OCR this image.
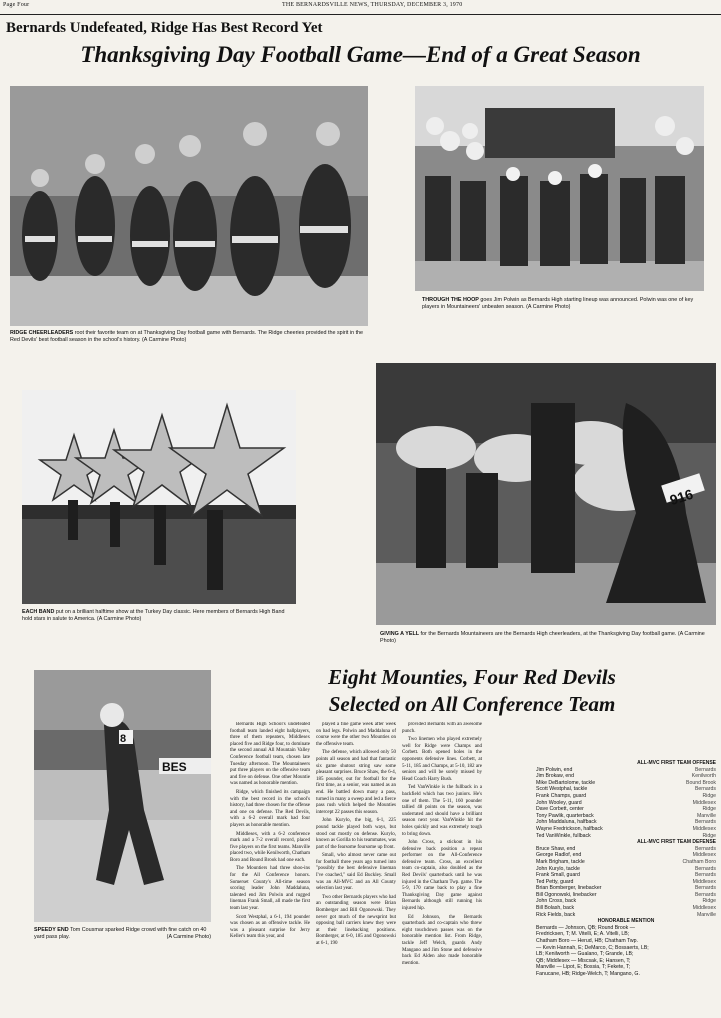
Page Four	THE BERNARDSVILLE NEWS, THURSDAY, DECEMBER 3, 1970
Bernards Undefeated, Ridge Has Best Record Yet
Thanksgiving Day Football Game—End of a Great Season
RIDGE CHEERLEADERS root their favorite team on at Thanksgiving Day football game with Bernards. The Ridge cheeries provided the spirit in the Red Devils' best football season in the school's history. (A Carmine Photo)
THROUGH THE HOOP goes Jim Polwin as Bernards High starting lineup was announced. Polwin was one of key players in Mountaineers' unbeaten season. (A Carmine Photo)
EACH BAND put on a brilliant halftime show at the Turkey Day classic. Here members of Bernards High Band hold stars in salute to America. (A Carmine Photo)
916
GIVING A YELL for the Bernards Mountaineers are the Bernards High cheerleaders, at the Thanksgiving Day football game. (A Carmine Photo)
BES
8
SPEEDY END Tom Cousmar sparked Ridge crowd with fine catch on 40 yard pass play.	(A Carmine Photo)
Eight Mounties, Four Red Devils
Selected on All Conference Team

Bernards High School's undefeated football team landed eight ballplayers, three of them repeaters, Middlesex placed five and Ridge four, to dominate the second annual All Mountain Valley Conference football team, chosen late Tuesday afternoon. The Mountaineers put three players on the offensive team and five on defense. One other Mountie was named as honorable mention.

Ridge, which finished its campaign with the best record in the school's history, had three chosen for the offense and one on defense. The Red Devils, with a 6-2 overall mark had four players as honorable mention.

Middlesex, with a 6-2 conference mark and a 7-2 overall record, placed five players on the first teams. Manville placed two, while Kenilworth, Chatham Boro and Bound Brook had one each.

The Mountiers had three shoo-ins for the All Conference honors. Somerset County's All-time season scoring leader John Maddaluna, talented end Jim Polwin and rugged lineman Frank Small, all made the first team last year.

Scott Westphal, a 6-1, 194 pounder was chosen as an offensive tackle. He was a pleasant surprise for Jerry Keller's team this year, and

played a fine game week after week on bad legs. Polwin and Maddaluna of course were the other two Mounties on the offensive team.

The defense, which allowed only 50 points all season and had that fantastic six game shutout string saw some pleasant surprises. Bruce Shaw, the 6-4, 185 pounder, out for football for the first time, as a senior, was named as an end. He battled down many a pass, turned in many a sweep and led a fierce pass rush which helped the Mounties intercept 22 passes this season.

John Kurylo, the big, 6-1, 225 pound tackle played both ways, but stood out mostly on defense. Kurylo, known as Gorilla to his teammates, was part of the fearsome foursome up front.

Small, who almost never came out for football three years ago turned into "possibly the best defensive lineman I've coached," said Ed Buckley. Small was an All-MVC and an All County selection last year.

Two other Bernards players who had an outstanding season were Brian Bomberger and Bill Ogonowski. They never got much of the newsprint but opposing ball carriers knew they were at their linebacking positions. Bomberger, at 6-0, 185 and Ogonowski at 6-1, 190

provided Bernards with an awesome punch.

Two linemen who played extremely well for Ridge were Champs and Corbett. Both opened holes in the opponents defensive lines. Corbett, at 5-11, 185 and Champs, at 5-10, 182 are seniors and will be sorely missed by Head Coach Harry Bush.

Ted VanWinkle is the fullback in a backfield which has two juniors. He's one of them. The 5-11, 160 pounder tallied 48 points on the season, was underrated and should have a brilliant season next year. VanWinkle hit the holes quickly and was extremely tough to bring down.

John Cross, a stickout in his defensive back position a repeat performer on the All-Conference defensive team. Cross, an excellent team co-captain, also doubled as the Red Devils' quarterback until he was injured in the Chatham Twp. game. The 5-9, 170 came back to play a fine Thanksgiving Day game against Bernards although still running his injured hip.

Ed Johnson, the Bernards quarterback and co-captain who threw eight touchdown passes was on the honorable mention list. From Ridge, tackle Jeff Welch, guards Andy Mangano and Jim Stone and defensive back Ed Alden also made honorable mention.

ALL-MVC FIRST TEAM OFFENSE
Jim Polwin, end	Bernards
Jim Brokaw, end	Kenilworth
Mike DeBartolome, tackle	Bound Brook
Scott Westphal, tackle	Bernards
Frank Champs, guard	Ridge
John Wooley, guard	Middlesex
Dave Corbett, center	Ridge
Tony Pawlik, quarterback	Manville
John Maddaluna, halfback	Bernards
Wayne Fredrickson, halfback	Middlesex
Ted VanWinkle, fullback	Ridge
ALL-MVC FIRST TEAM DEFENSE
Bruce Shaw, end	Bernards
George Radlof, end	Middlesex
Mark Brigham, tackle	Chatham Boro
John Kurylo, tackle	Bernards
Frank Small, guard	Bernards
Ted Petty, guard	Middlesex
Brian Bomberger, linebacker	Bernards
Bill Ogonowski, linebacker	Bernards
John Cross, back	Ridge
Bill Bolash, back	Middlesex
Rick Fields, back	Manville
HONORABLE MENTION
Bernards — Johnson, QB; Round Brook —
Fredricksen, T; M. Vitelli, E; A. Vitelli, LB;
Chatham Boro — Herud, HB; Chatham Twp.
— Kevin Hannah, E; DeMarco, C; Bossaerts, LB;
LB; Kenilworth — Gualano, T; Grande, LB;
QB; Middlesex — Miscsak, E; Hansen, T;
Manville — Lipot, E; Bossia, T; Fekete, T;
Fanucane, HB; Ridge-Welch, T; Mangano, G.
